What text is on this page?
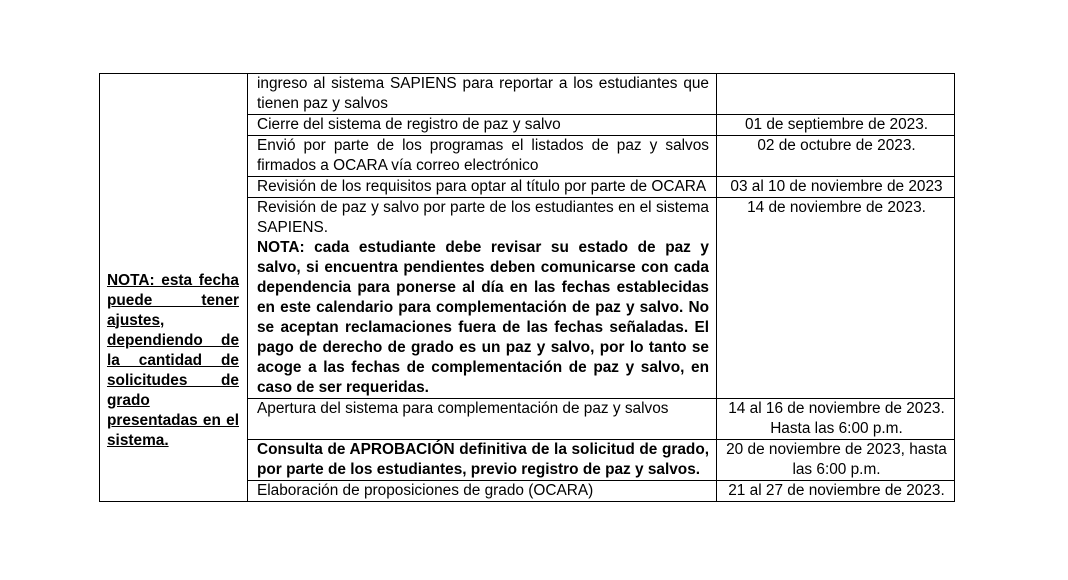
NOTA: esta fecha puede tener ajustes, dependiendo de la cantidad de solicitudes de grado presentadas en el sistema.	ingreso al sistema SAPIENS para reportar a los estudiantes que tienen paz y salvos	
	Cierre del sistema de registro de paz y salvo	01 de septiembre de 2023.
	Envió por parte de los programas el listados de paz y salvos firmados a OCARA vía correo electrónico	02 de octubre de 2023.
	Revisión de los requisitos para optar al título por parte de OCARA	03 al 10 de noviembre de 2023

	Revisión de paz y salvo por parte de los estudiantes en el sistema SAPIENS.
NOTA: cada estudiante debe revisar su estado de paz y salvo, si encuentra pendientes deben comunicarse con cada dependencia para ponerse al día en las fechas establecidas en este calendario para complementación de paz y salvo. No se aceptan reclamaciones fuera de las fechas señaladas. El pago de derecho de grado es un paz y salvo, por lo tanto se acoge a las fechas de complementación de paz y salvo, en caso de ser requeridas.	14 de noviembre de 2023.
	Apertura del sistema para complementación de paz y salvos	14 al 16 de noviembre de 2023. Hasta las 6:00 p.m.
	Consulta de APROBACIÓN definitiva de la solicitud de grado, por parte de los estudiantes, previo registro de paz y salvos.	20 de noviembre de 2023, hasta las 6:00 p.m.
	Elaboración de proposiciones de grado (OCARA)	21 al 27 de noviembre de 2023.
